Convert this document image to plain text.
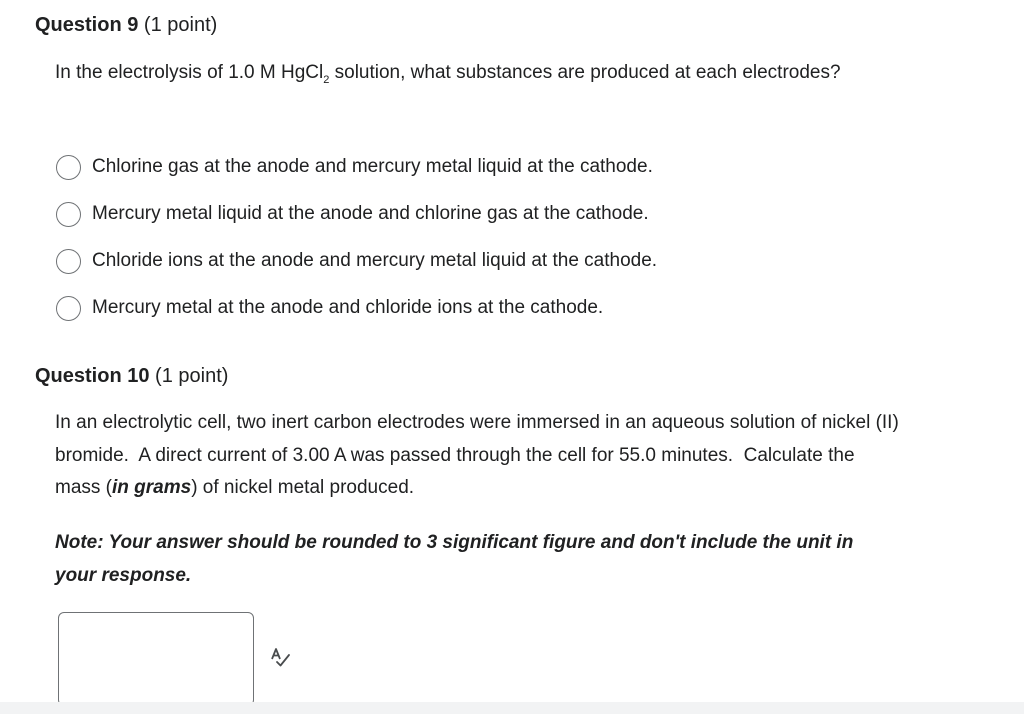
Question 9 (1 point)
In the electrolysis of 1.0 M HgCl$_2$ solution, what substances are produced at each electrodes?
Chlorine gas at the anode and mercury metal liquid at the cathode.
Mercury metal liquid at the anode and chlorine gas at the cathode.
Chloride ions at the anode and mercury metal liquid at the cathode.
Mercury metal at the anode and chloride ions at the cathode.
Question 10 (1 point)
In an electrolytic cell, two inert carbon electrodes were immersed in an aqueous solution of nickel (II) bromide.  A direct current of 3.00 A was passed through the cell for 55.0 minutes.  Calculate the mass (in grams) of nickel metal produced.
Note: Your answer should be rounded to 3 significant figure and don't include the unit in your response.
